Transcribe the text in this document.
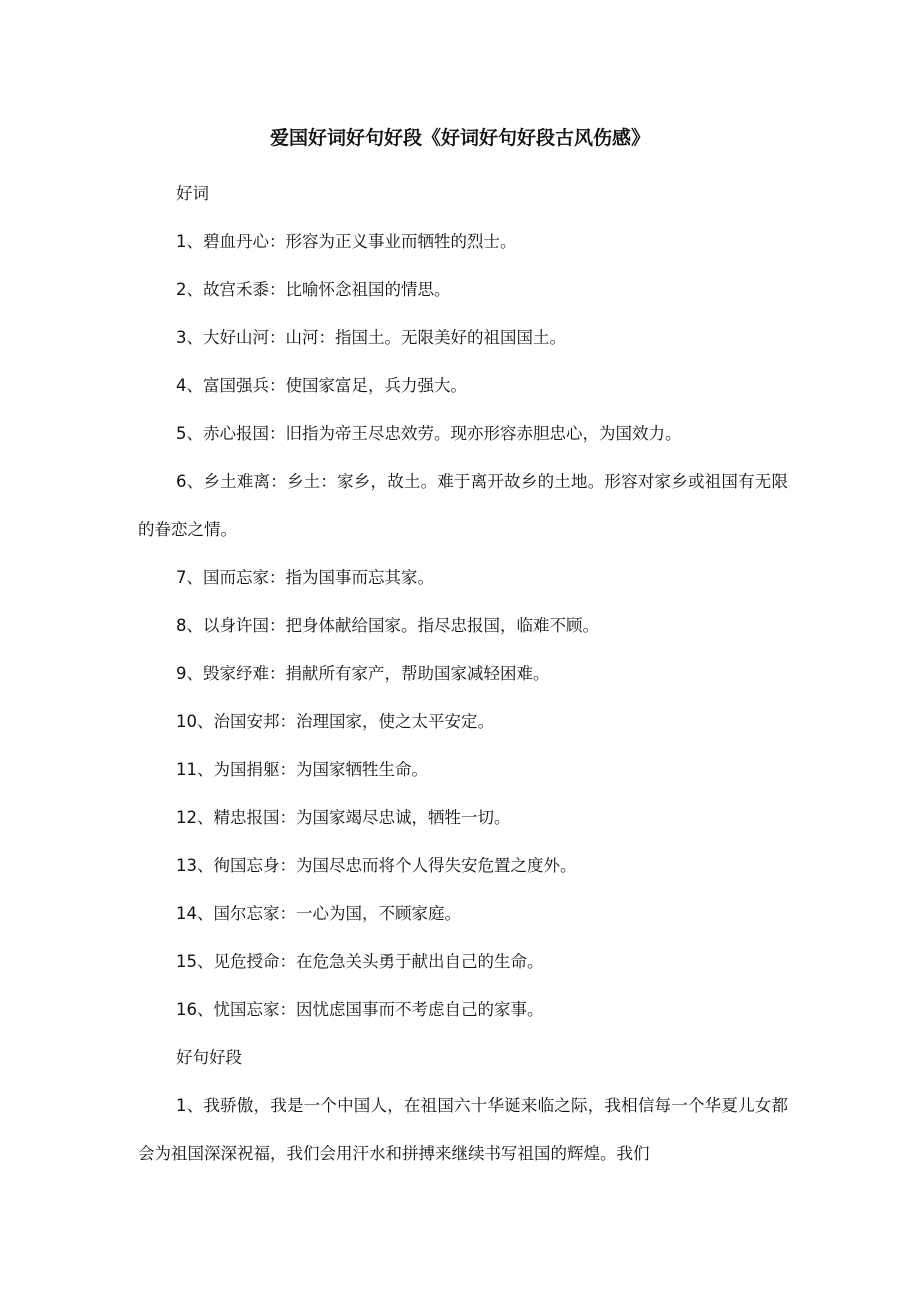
爱国好词好句好段《好词好句好段古风伤感》

好词

1、碧血丹心：形容为正义事业而牺牲的烈士。

2、故宫禾黍：比喻怀念祖国的情思。

3、大好山河：山河：指国土。无限美好的祖国国土。

4、富国强兵：使国家富足，兵力强大。

5、赤心报国：旧指为帝王尽忠效劳。现亦形容赤胆忠心，为国效力。

6、乡土难离：乡土：家乡，故土。难于离开故乡的土地。形容对家乡或祖国有无限的眷恋之情。

7、国而忘家：指为国事而忘其家。

8、以身许国：把身体献给国家。指尽忠报国，临难不顾。

9、毁家纾难：捐献所有家产，帮助国家减轻困难。

10、治国安邦：治理国家，使之太平安定。

11、为国捐躯：为国家牺牲生命。

12、精忠报国：为国家竭尽忠诚，牺牲一切。

13、徇国忘身：为国尽忠而将个人得失安危置之度外。

14、国尔忘家：一心为国，不顾家庭。

15、见危授命：在危急关头勇于献出自己的生命。

16、忧国忘家：因忧虑国事而不考虑自己的家事。

好句好段

1、我骄傲，我是一个中国人，在祖国六十华诞来临之际，我相信每一个华夏儿女都会为祖国深深祝福，我们会用汗水和拼搏来继续书写祖国的辉煌。我们
